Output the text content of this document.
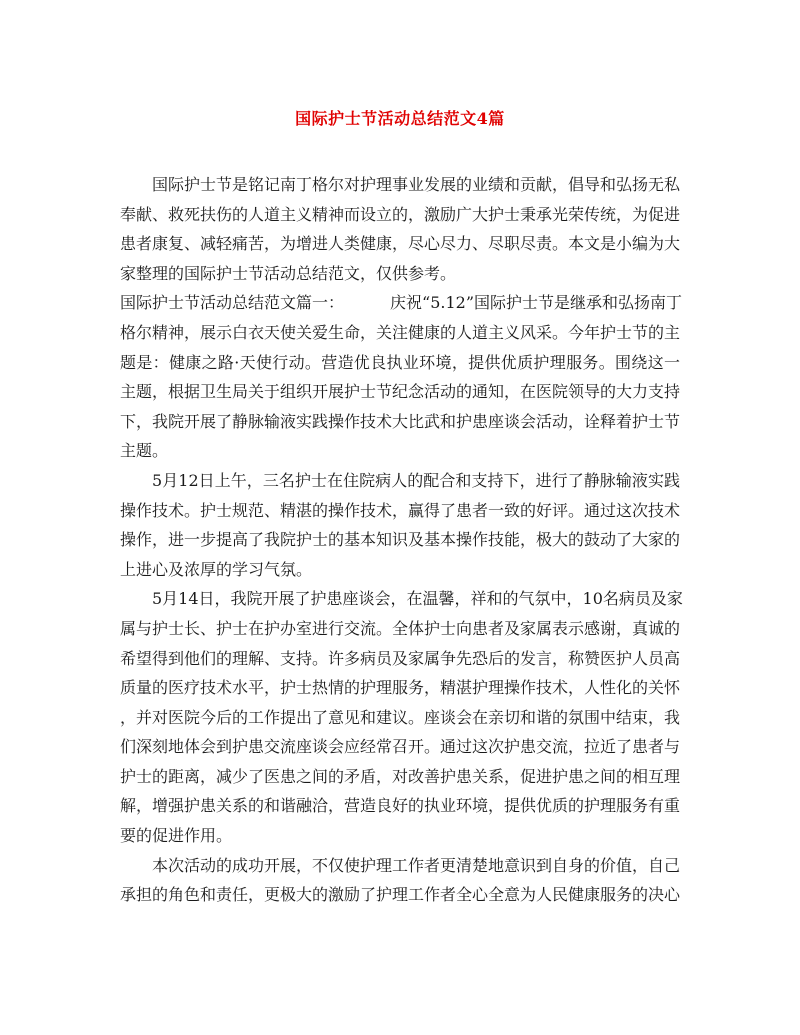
国际护士节活动总结范文4篇

国际护士节是铭记南丁格尔对护理事业发展的业绩和贡献，倡导和弘扬无私
奉献、救死扶伤的人道主义精神而设立的，激励广大护士秉承光荣传统，为促进
患者康复、减轻痛苦，为增进人类健康，尽心尽力、尽职尽责。本文是小编为大
家整理的国际护士节活动总结范文，仅供参考。

国际护士节活动总结范文篇一：	庆祝“5.12”国际护士节是继承和弘扬南丁
格尔精神，展示白衣天使关爱生命，关注健康的人道主义风采。今年护士节的主
题是：健康之路·天使行动。营造优良执业环境，提供优质护理服务。围绕这一
主题，根据卫生局关于组织开展护士节纪念活动的通知，在医院领导的大力支持
下，我院开展了静脉输液实践操作技术大比武和护患座谈会活动，诠释着护士节
主题。

5月12日上午，三名护士在住院病人的配合和支持下，进行了静脉输液实践
操作技术。护士规范、精湛的操作技术，赢得了患者一致的好评。通过这次技术
操作，进一步提高了我院护士的基本知识及基本操作技能，极大的鼓动了大家的
上进心及浓厚的学习气氛。

5月14日，我院开展了护患座谈会，在温馨，祥和的气氛中，10名病员及家
属与护士长、护士在护办室进行交流。全体护士向患者及家属表示感谢，真诚的
希望得到他们的理解、支持。许多病员及家属争先恐后的发言，称赞医护人员高
质量的医疗技术水平，护士热情的护理服务，精湛护理操作技术，人性化的关怀
，并对医院今后的工作提出了意见和建议。座谈会在亲切和谐的氛围中结束，我
们深刻地体会到护患交流座谈会应经常召开。通过这次护患交流，拉近了患者与
护士的距离，减少了医患之间的矛盾，对改善护患关系，促进护患之间的相互理
解，增强护患关系的和谐融洽，营造良好的执业环境，提供优质的护理服务有重
要的促进作用。

本次活动的成功开展，不仅使护理工作者更清楚地意识到自身的价值，自己
承担的角色和责任，更极大的激励了护理工作者全心全意为人民健康服务的决心
